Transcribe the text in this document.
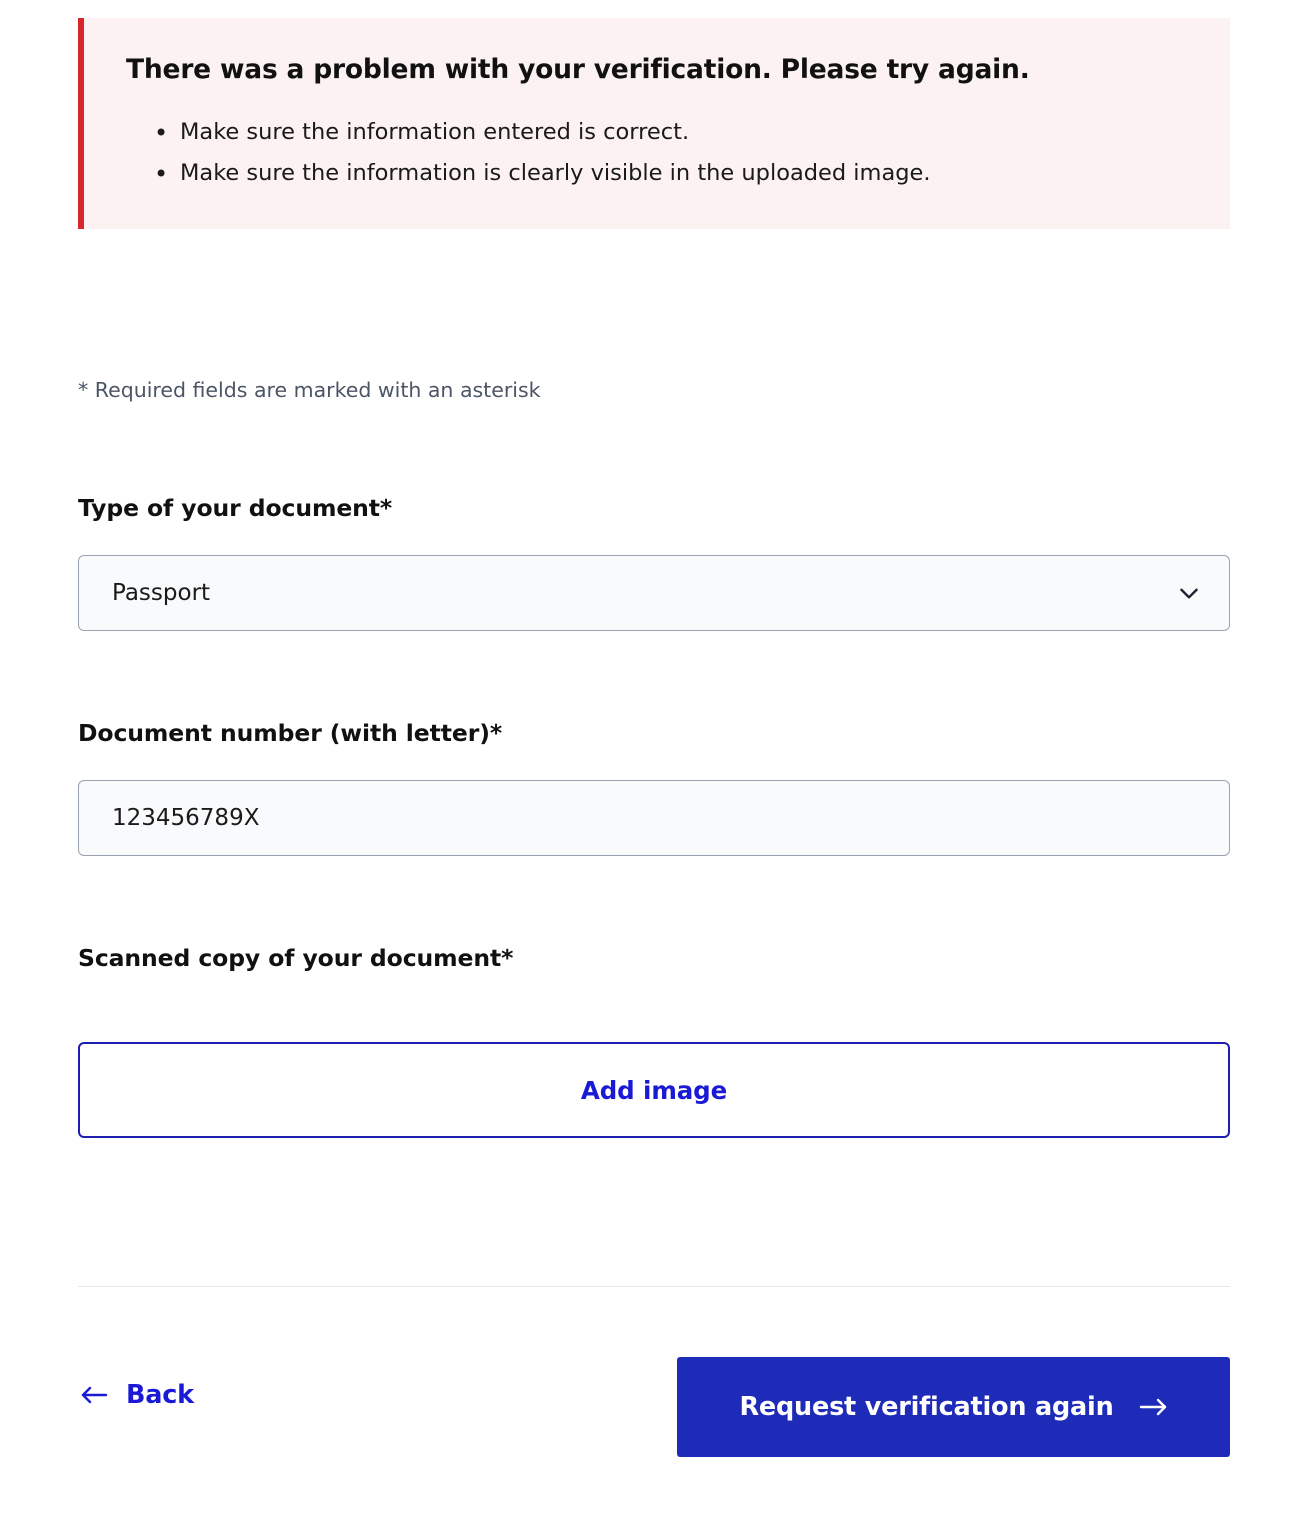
There was a problem with your verification. Please try again.
• Make sure the information entered is correct.
• Make sure the information is clearly visible in the uploaded image.
* Required fields are marked with an asterisk
Type of your document*
Passport
Document number (with letter)*
123456789X
Scanned copy of your document*
Add image
Back	Request verification again
